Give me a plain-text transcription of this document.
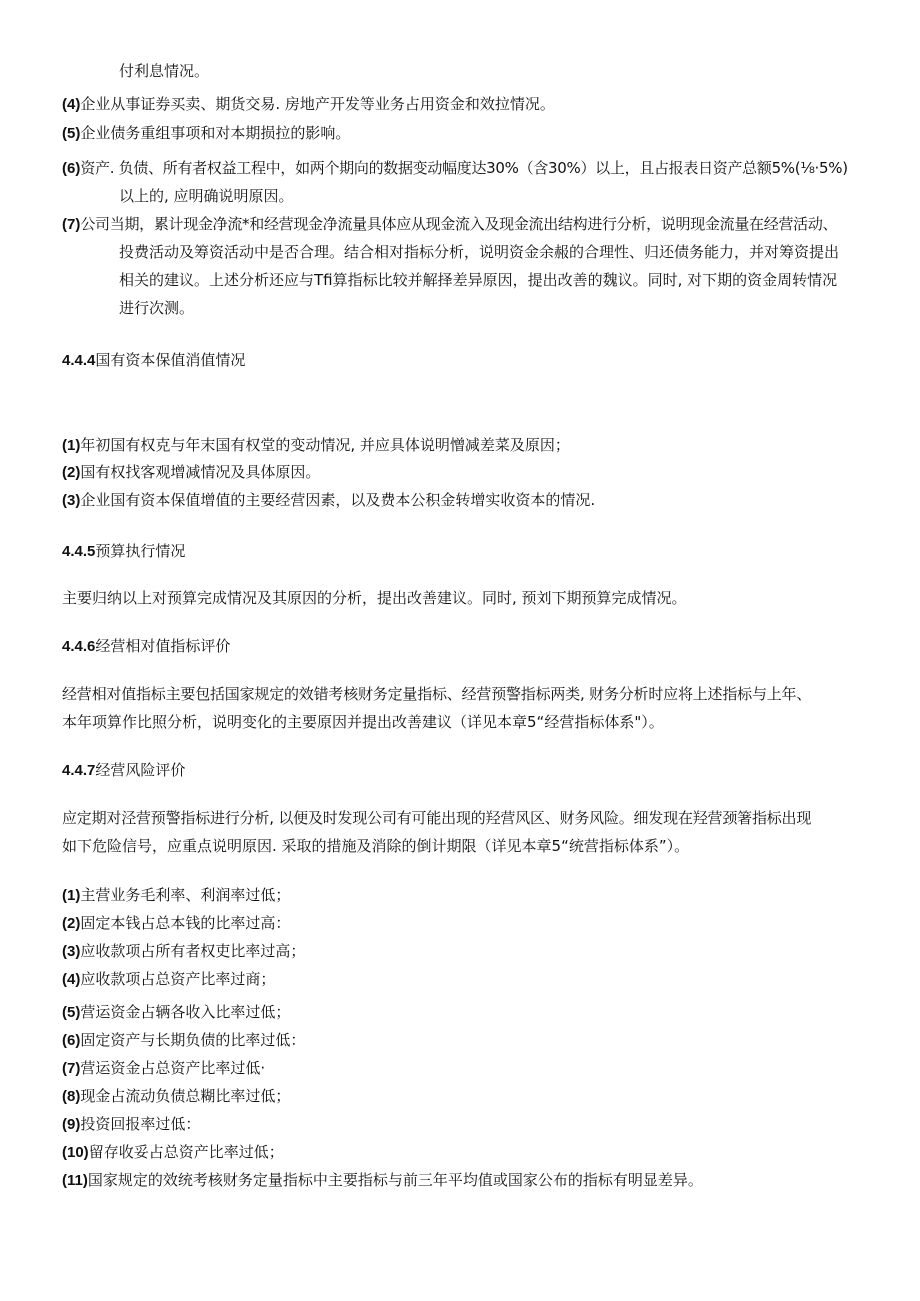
付利息情况。
(4)企业从事证券买卖、期货交易. 房地产开发等业务占用资金和效拉情况。
(5)企业债务重组事项和对本期损拉的影响。
(6)资产. 负债、所有者权益工程中，如两个期向的数据变动幅度达30%（含30%）以上，且占报表日资产总额5%(⅛·5%)
以上的, 应明确说明原因。
(7)公司当期，累计现金净流*和经营现金净流量具体应从现金流入及现金流出结构进行分析，说明现金流量在经营活动、
投费活动及筹资活动中是否合理。结合相对指标分析，说明资金余赧的合理性、归还债务能力，并对筹资提出
相关的建议。上述分析还应与Tfi算指标比较并解择差异原因，提出改善的魏议。同时, 对下期的资金周转情况
进行次测。
4.4.4国有资本保值消值情况
(1)年初国有权克与年末国有权堂的变动情况, 并应具体说明憎减差菜及原因；
(2)国有权找客观增减情况及具体原因。
(3)企业国有资本保值增值的主要经营因素，以及费本公积金转增实收资本的情况.
4.4.5预算执行情况
主要归纳以上对预算完成情况及其原因的分析，提出改善建议。同时, 预刘下期预算完成情况。
4.4.6经营相对值指标评价
经营相对值指标主要包括国家规定的效错考核财务定量指标、经营预警指标两类, 财务分析时应将上述指标与上年、
本年项算作比照分析，说明变化的主要原因并提出改善建议（详见本章5“经营指标体系"）。
4.4.7经营风险评价
应定期对泾营预警指标进行分析, 以便及时发现公司有可能出现的羟营风区、财务风险。细发现在羟营颈箸指标出现
如下危险信号，应重点说明原因. 采取的措施及消除的倒计期限（详见本章5“统营指标体系”）。
(1)主营业务毛利率、利润率过低；
(2)固定本钱占总本钱的比率过高：
(3)应收款项占所有者权吏比率过高；
(4)应收款项占总资产比率过商；
(5)营运资金占辆各收入比率过低；
(6)固定资产与长期负债的比率过低：
(7)营运资金占总资产比率过低·
(8)现金占流动负债总糊比率过低；
(9)投资回报率过低：
(10)留存收妥占总资产比率过低；
(11)国家规定的效统考核财务定量指标中主要指标与前三年平均值或国家公布的指标有明显差异。
